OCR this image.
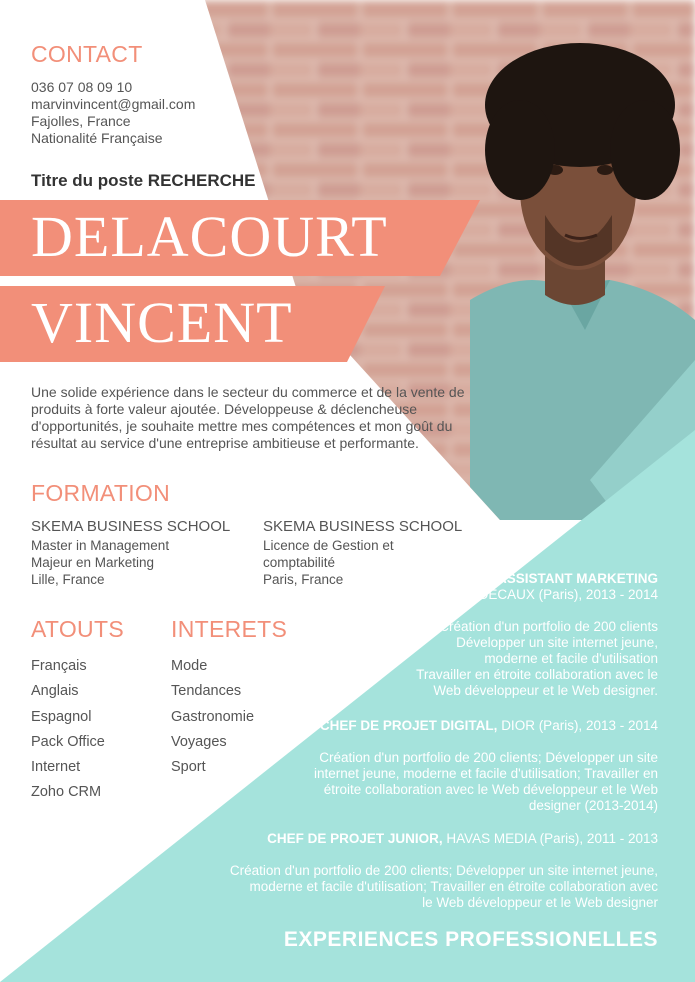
CONTACT
036 07 08 09 10
marvinvincent@gmail.com
Fajolles, France
Nationalité Française
Titre du poste RECHERCHE
DELACOURT
VINCENT
Une solide expérience dans le secteur du commerce et de la vente de produits à forte valeur ajoutée. Développeuse & déclencheuse d'opportunités, je souhaite mettre mes compétences et mon goût du résultat au service d'une entreprise ambitieuse et performante.
FORMATION
SKEMA BUSINESS SCHOOL
Master in Management
Majeur en Marketing
Lille, France
SKEMA BUSINESS SCHOOL
Licence de Gestion et
comptabilité
Paris, France
ATOUTS
Français
Anglais
Espagnol
Pack Office
Internet
Zoho CRM
INTERETS
Mode
Tendances
Gastronomie
Voyages
Sport
ASSISTANT MARKETING
JCDECAUX (Paris), 2013 - 2014
Création d'un portfolio de 200 clients
Développer un site internet jeune,
moderne et facile d'utilisation
Travailler en étroite collaboration avec le
Web développeur et le Web designer.
CHEF DE PROJET DIGITAL, DIOR (Paris), 2013 - 2014
Création d'un portfolio de 200 clients; Développer un site
internet jeune, moderne et facile d'utilisation; Travailler en
étroite collaboration avec le Web développeur et le Web
designer (2013-2014)
CHEF DE PROJET JUNIOR, HAVAS MEDIA (Paris), 2011 - 2013
Création d'un portfolio de 200 clients; Développer un site internet jeune,
moderne et facile d'utilisation; Travailler en étroite collaboration avec
le Web développeur et le Web designer
EXPERIENCES PROFESSIONELLES
